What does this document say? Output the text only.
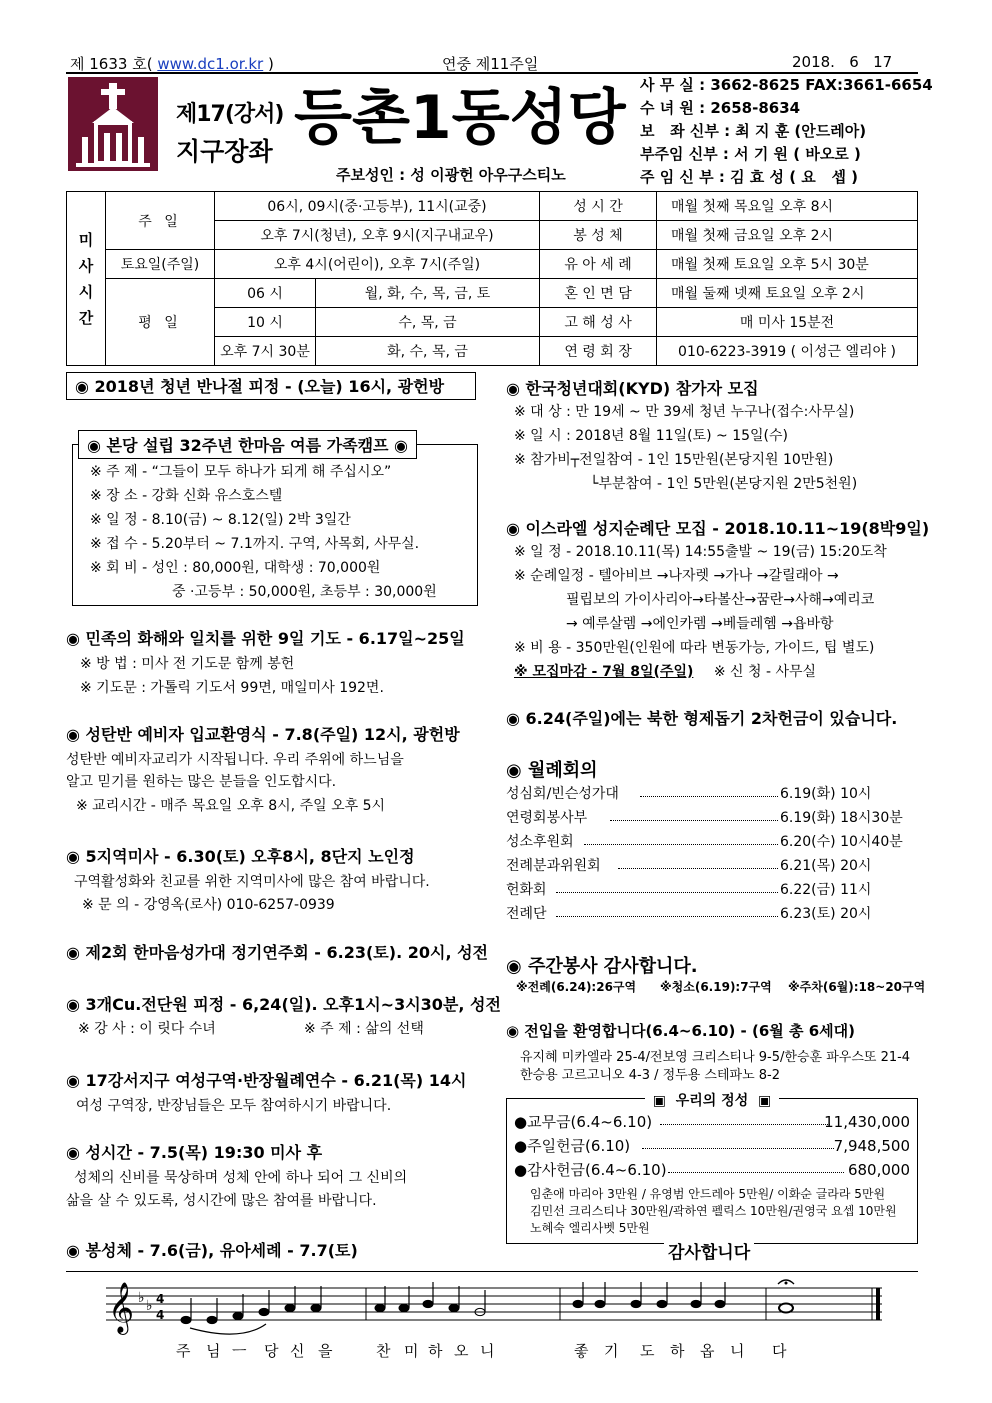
제 1633 호( www.dc1.or.kr )	연중 제11주일	2018.   6   17
제17(강서)
지구장좌 등촌1동성당
주보성인 : 성 이광헌 아우구스티노
사 무 실 : 3662-8625 FAX:3661-6654
수 녀 원 : 2658-8634
보   좌 신부 : 최 지 훈 (안드레아)
부주임 신부 : 서 기 원 ( 바오로 )
주 임 신 부 : 김 효 성 ( 요   셉 )
미
사
시
간	주 일	06시, 09시(중·고등부), 11시(교중)		성 시 간	매월 첫째 목요일 오후 8시
		오후 7시(청년), 오후 9시(지구내교우)		봉 성 체	매월 첫째 금요일 오후 2시
	토요일(주일)	오후 4시(어린이), 오후 7시(주일)		유 아 세 례	매월 첫째 토요일 오후 5시 30분
	평 일	06 시	월, 화, 수, 목, 금, 토	혼 인 면 담	매월 둘째 넷째 토요일 오후 2시
		10 시	수, 목, 금	고 해 성 사	매 미사 15분전
		오후 7시 30분	화, 수, 목, 금	연 령 회 장	010-6223-3919 ( 이성근 엘리야 )
◉ 2018년 청년 반나절 피정 - (오늘) 16시, 광헌방
◉ 본당 설립 32주년 한마음 여름 가족캠프 ◉
※ 주 제 - “그들이 모두 하나가 되게 해 주십시오”
※ 장 소 - 강화 신화 유스호스텔
※ 일 정 - 8.10(금) ~ 8.12(일) 2박 3일간
※ 접 수 - 5.20부터 ~ 7.1까지. 구역, 사목회, 사무실.
※ 회 비 - 성인 : 80,000원, 대학생 : 70,000원
중 ·고등부 : 50,000원, 초등부 : 30,000원
◉ 민족의 화해와 일치를 위한 9일 기도 - 6.17일~25일
※ 방 법 : 미사 전 기도문 함께 봉헌
※ 기도문 : 가톨릭 기도서 99면, 매일미사 192면.
◉ 성탄반 예비자 입교환영식 - 7.8(주일) 12시, 광헌방
성탄반 예비자교리가 시작됩니다. 우리 주위에 하느님을
알고 믿기를 원하는 많은 분들을 인도합시다.
※ 교리시간 - 매주 목요일 오후 8시, 주일 오후 5시
◉ 5지역미사 - 6.30(토) 오후8시, 8단지 노인정
구역활성화와 친교를 위한 지역미사에 많은 참여 바랍니다.
※ 문 의 - 강영옥(로사) 010-6257-0939
◉ 제2회 한마음성가대 정기연주회 - 6.23(토). 20시, 성전
◉ 3개Cu.전단원 피정 - 6,24(일). 오후1시~3시30분, 성전
※ 강 사 : 이 릿다 수녀	※ 주 제 : 삶의 선택
◉ 17강서지구 여성구역·반장월례연수 - 6.21(목) 14시
여성 구역장, 반장님들은 모두 참여하시기 바랍니다.
◉ 성시간 - 7.5(목) 19:30 미사 후
성체의 신비를 묵상하며 성체 안에 하나 되어 그 신비의
삶을 살 수 있도록, 성시간에 많은 참여를 바랍니다.
◉ 봉성체 - 7.6(금), 유아세례 - 7.7(토)
◉ 한국청년대회(KYD) 참가자 모집
※ 대 상 : 만 19세 ~ 만 39세 청년 누구나(접수:사무실)
※ 일 시 : 2018년 8월 11일(토) ~ 15일(수)
※ 참가비┬전일참여 - 1인 15만원(본당지원 10만원)
└부분참여 - 1인 5만원(본당지원 2만5천원)
◉ 이스라엘 성지순례단 모집 - 2018.10.11~19(8박9일)
※ 일 정 - 2018.10.11(목) 14:55출발 ~ 19(금) 15:20도착
※ 순례일정 - 텔아비브 →나자렛 →가나 →갈릴래아 →
필립보의 가이사리아→타볼산→꿈란→사해→예리코
→ 예루살렘 →에인카렘 →베들레헴 →욥바항
※ 비 용 - 350만원(인원에 따라 변동가능, 가이드, 팁 별도)
※ 모집마감 - 7월 8일(주일) ※ 신 청 - 사무실
◉ 6.24(주일)에는 북한 형제돕기 2차헌금이 있습니다.
◉ 월례회의
성심회/빈슨성가대	6.19(화) 10시
연령회봉사부	6.19(화) 18시30분
성소후원회	6.20(수) 10시40분
전례분과위원회	6.21(목) 20시
헌화회	6.22(금) 11시
전례단	6.23(토) 20시
◉ 주간봉사 감사합니다.
※전례(6.24):26구역 ※청소(6.19):7구역 ※주차(6월):18~20구역
◉ 전입을 환영합니다(6.4~6.10) - (6월 총 6세대)
유지혜 미카엘라 25-4/전보영 크리스티나 9-5/한승훈 파우스또 21-4
한승용 고르고니오 4-3 / 정두용 스테파노 8-2
▣  우리의 정성  ▣
●교무금(6.4~6.10)	11,430,000
●주일헌금(6.10)	7,948,500
●감사헌금(6.4~6.10)	680,000
임춘애 마리아 3만원 / 유영범 안드레아 5만원/ 이화순 글라라 5만원
김민선 크리스티나 30만원/곽하연 펠릭스 10만원/권영국 요셉 10만원
노혜숙 엘리사벳 5만원
감사합니다
𝄞 ♭ ♭ 4
4
주 님 ㅡ 당 신 을	찬 미 하 오 니	좋 기 도 하 옵 니 다
